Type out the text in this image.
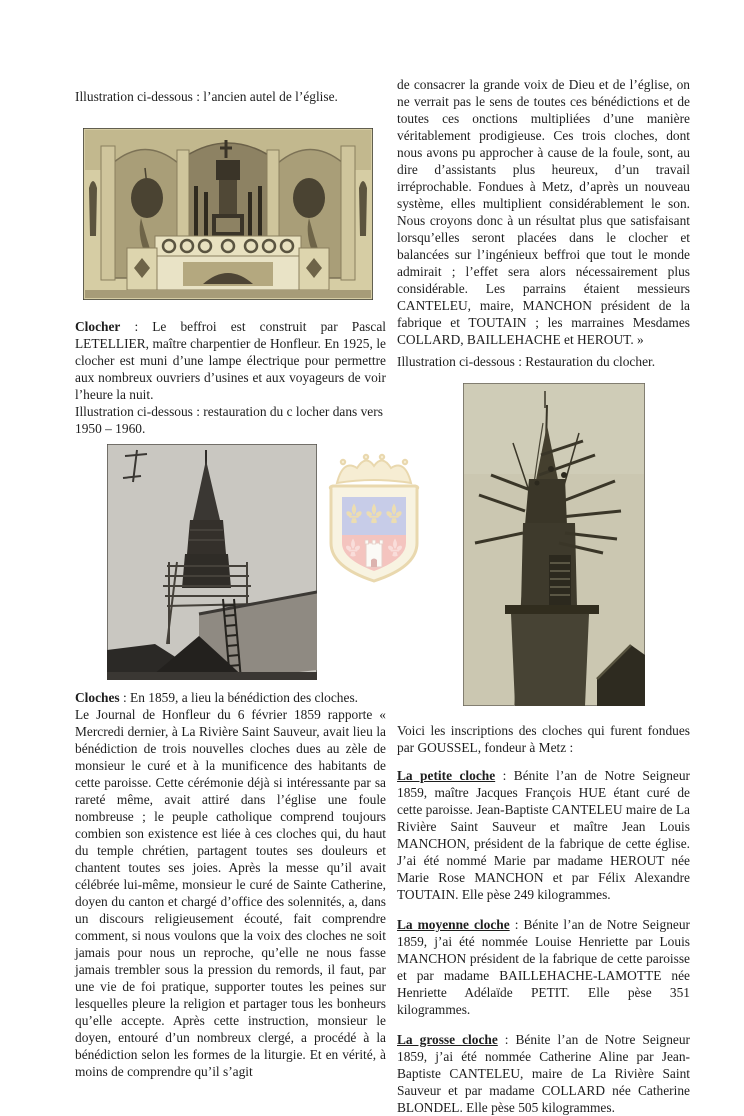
Illustration ci-dessous : l’ancien autel de l’église.

Clocher : Le beffroi est construit par Pascal LETELLIER, maître charpentier de Honfleur. En 1925, le clocher est muni d’une lampe électrique pour permettre aux nombreux ouvriers d’usines et aux voyageurs de voir l’heure la nuit.

Illustration ci-dessous : restauration du c locher dans vers 1950 – 1960.

Cloches : En 1859, a lieu la bénédiction des cloches.

Le Journal de Honfleur du 6 février 1859 rapporte « Mercredi dernier, à La Rivière Saint Sauveur, avait lieu la bénédiction de trois nouvelles cloches dues au zèle de monsieur le curé et à la munificence des habitants de cette paroisse. Cette cérémonie déjà si intéressante par sa rareté même, avait attiré dans l’église une foule nombreuse ; le peuple catholique comprend toujours combien son existence est liée à ces cloches qui, du haut du temple chrétien, partagent toutes ses douleurs et chantent toutes ses joies. Après la messe qu’il avait célébrée lui-même, monsieur le curé de Sainte Catherine, doyen du canton et chargé d’office des solennités, a, dans un discours religieusement écouté, fait comprendre comment, si nous voulons que la voix des cloches ne soit jamais pour nous un reproche, qu’elle ne nous fasse jamais trembler sous la pression du remords, il faut, par une vie de foi pratique, supporter toutes les peines sur lesquelles pleure la religion et partager tous les bonheurs qu’elle accepte. Après cette instruction, monsieur le doyen, entouré d’un nombreux clergé, a procédé à la bénédiction selon les formes de la liturgie. Et en vérité, à moins de comprendre qu’il s’agit

de consacrer la grande voix de Dieu et de l’église, on ne verrait pas le sens de toutes ces bénédictions et de toutes ces onctions multipliées d’une manière véritablement prodigieuse. Ces trois cloches, dont nous avons pu approcher à cause de la foule, sont, au dire d’assistants plus heureux, d’un travail irréprochable. Fondues à Metz, d’après un nouveau système, elles multiplient considérablement le son. Nous croyons donc à un résultat plus que satisfaisant lorsqu’elles seront placées dans le clocher et balancées sur l’ingénieux beffroi que tout le monde admirait ; l’effet sera alors nécessairement plus considérable. Les parrains étaient messieurs CANTELEU, maire, MANCHON président de la fabrique et TOUTAIN ; les marraines Mesdames COLLARD, BAILLEHACHE et HEROUT. »

Illustration ci-dessous : Restauration du clocher.

Voici les inscriptions des cloches qui furent fondues par GOUSSEL, fondeur à Metz :

La petite cloche : Bénite l’an de Notre Seigneur 1859, maître Jacques François HUE étant curé de cette paroisse. Jean-Baptiste CANTELEU maire de La Rivière Saint Sauveur et maître Jean Louis MANCHON, président de la fabrique de cette église. J’ai été nommé Marie par madame HEROUT née Marie Rose MANCHON et par Félix Alexandre TOUTAIN. Elle pèse 249 kilogrammes.

La moyenne cloche : Bénite l’an de Notre Seigneur 1859, j’ai été nommée Louise Henriette par Louis MANCHON président de la fabrique de cette paroisse et par madame BAILLEHACHE-LAMOTTE née Henriette Adélaïde PETIT. Elle pèse 351 kilogrammes.

La grosse cloche : Bénite l’an de Notre Seigneur 1859, j’ai été nommée Catherine Aline par Jean-Baptiste CANTELEU, maire de La Rivière Saint Sauveur et par madame COLLARD née Catherine BLONDEL. Elle pèse 505 kilogrammes.
